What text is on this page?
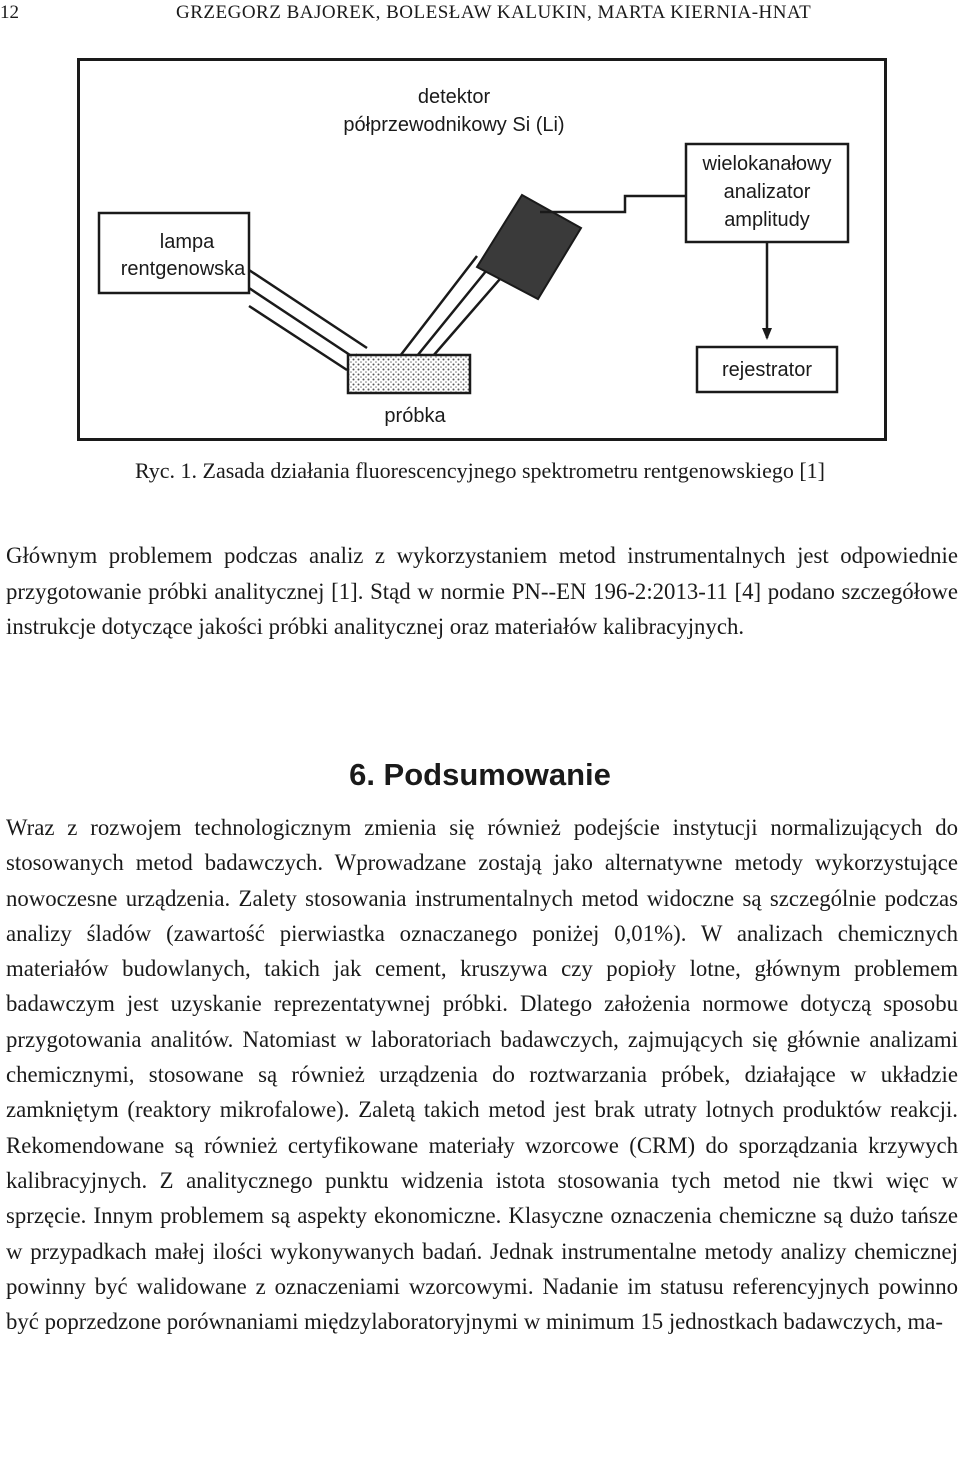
12	GRZEGORZ BAJOREK, BOLESŁAW KALUKIN, MARTA KIERNIA-HNAT
lampa
rentgenowska
próbka
detektor
półprzewodnikowy Si (Li)
wielokanałowy
analizator
amplitudy
rejestrator
Ryc. 1. Zasada działania fluorescencyjnego spektrometru rentgenowskiego [1]

Głównym problemem podczas analiz z wykorzystaniem metod instrumentalnych jest odpowiednie przygotowanie próbki analitycznej [1]. Stąd w normie PN--EN 196-2:2013-11 [4] podano szczegółowe instrukcje dotyczące jakości próbki analitycznej oraz materiałów kalibracyjnych.

6. Podsumowanie

Wraz z rozwojem technologicznym zmienia się również podejście instytucji normalizujących do stosowanych metod badawczych. Wprowadzane zostają jako alternatywne metody wykorzystujące nowoczesne urządzenia. Zalety stosowania instrumentalnych metod widoczne są szczególnie podczas analizy śladów (zawartość pierwiastka oznaczanego poniżej 0,01%). W analizach chemicznych materiałów budowlanych, takich jak cement, kruszywa czy popioły lotne, głównym problemem badawczym jest uzyskanie reprezentatywnej próbki. Dlatego założenia normowe dotyczą sposobu przygotowania analitów. Natomiast w laboratoriach badawczych, zajmujących się głównie analizami chemicznymi, stosowane są również urządzenia do roztwarzania próbek, działające w układzie zamkniętym (reaktory mikrofalowe). Zaletą takich metod jest brak utraty lotnych produktów reakcji. Rekomendowane są również certyfikowane materiały wzorcowe (CRM) do sporządzania krzywych kalibracyjnych. Z analitycznego punktu widzenia istota stosowania tych metod nie tkwi więc w sprzęcie. Innym problemem są aspekty ekonomiczne. Klasyczne oznaczenia chemiczne są dużo tańsze w przypadkach małej ilości wykonywanych badań. Jednak instrumentalne metody analizy chemicznej powinny być walidowane z oznaczeniami wzorcowymi. Nadanie im statusu referencyjnych powinno być poprzedzone porównaniami międzylaboratoryjnymi w minimum 15 jednostkach badawczych, ma-
